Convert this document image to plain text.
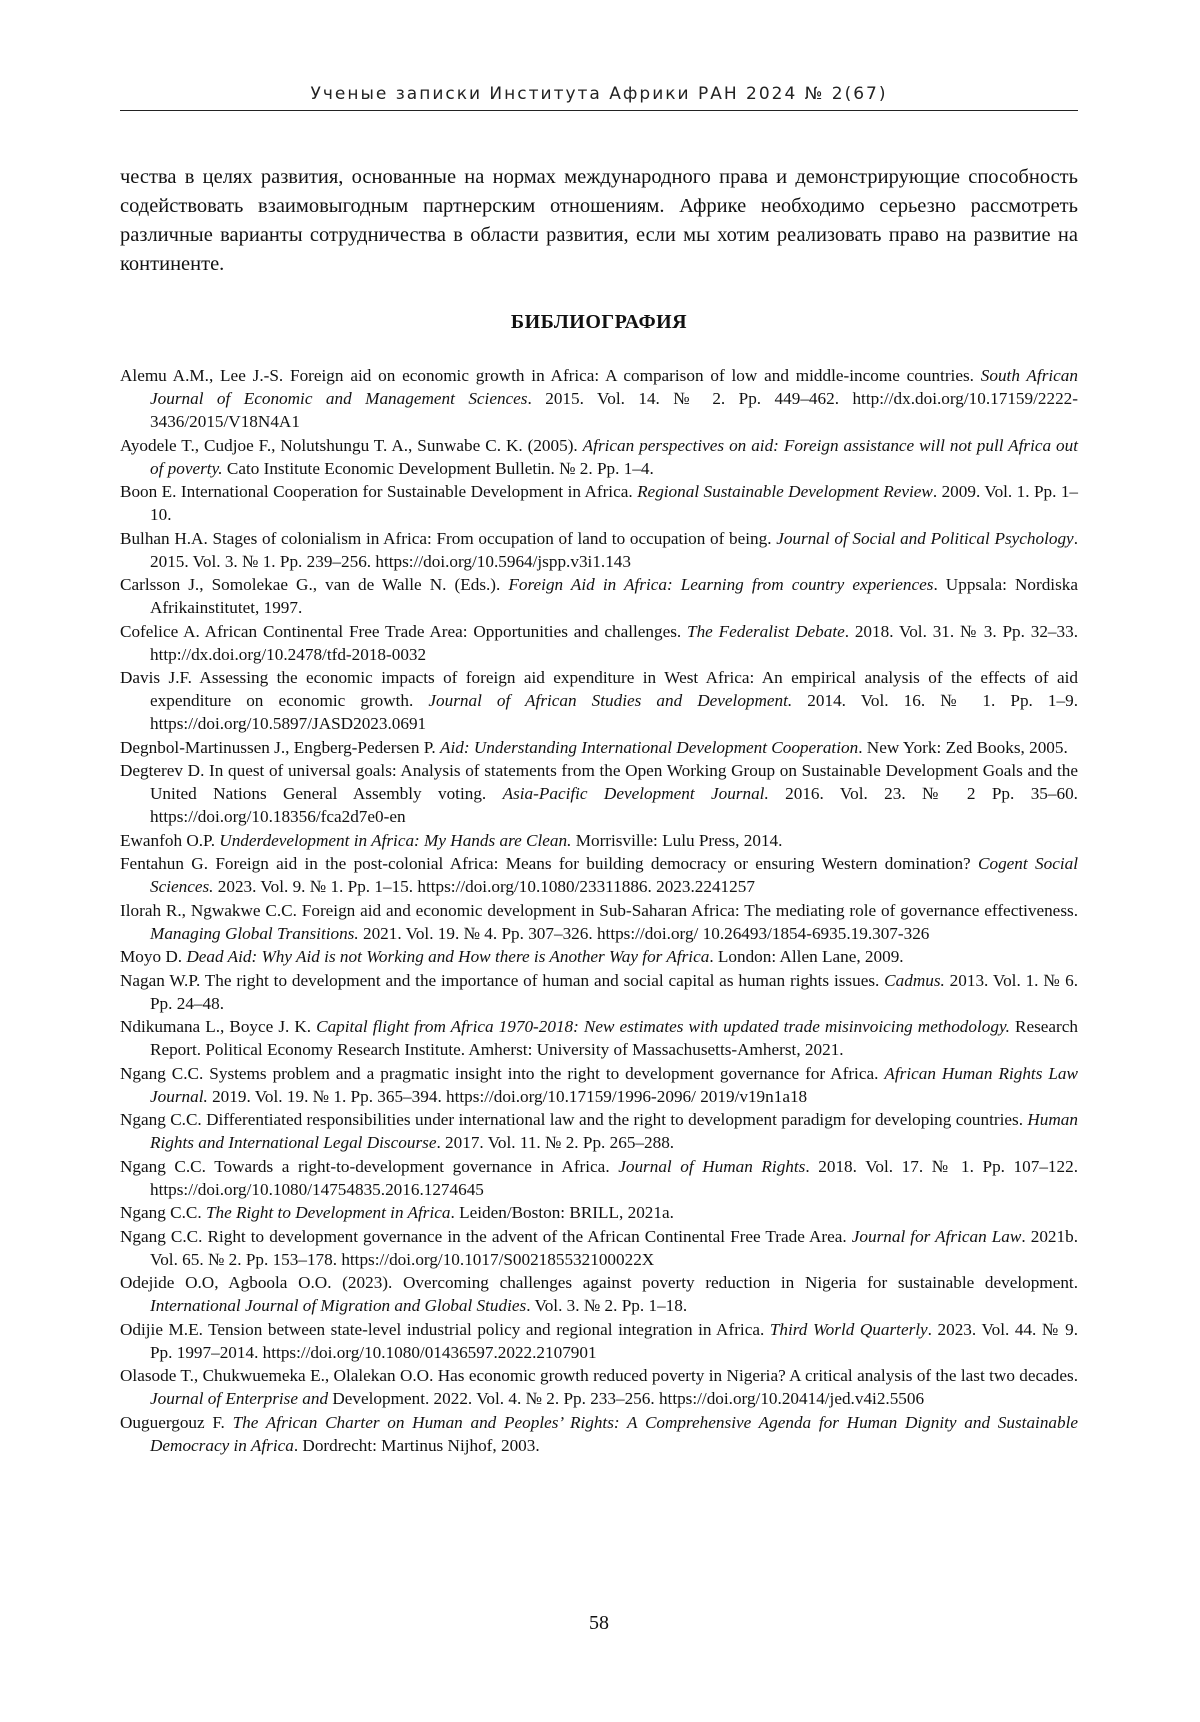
Ученые записки Института Африки РАН 2024 № 2(67)

чества в целях развития, основанные на нормах международного права и демонстрирующие способность содействовать взаимовыгодным партнерским отношениям. Африке необходимо серьезно рассмотреть различные варианты сотрудничества в области развития, если мы хотим реализовать право на развитие на континенте.

БИБЛИОГРАФИЯ
Alemu A.M., Lee J.-S. Foreign aid on economic growth in Africa: A comparison of low and middle-income countries. South African Journal of Economic and Management Sciences. 2015. Vol. 14. № 2. Pp. 449–462. http://dx.doi.org/10.17159/2222-3436/2015/V18N4A1
Ayodele T., Cudjoe F., Nolutshungu T. A., Sunwabe C. K. (2005). African perspectives on aid: Foreign assistance will not pull Africa out of poverty. Cato Institute Economic Development Bulletin. № 2. Pp. 1–4.
Boon E. International Cooperation for Sustainable Development in Africa. Regional Sustainable Development Review. 2009. Vol. 1. Pp. 1–10.
Bulhan H.A. Stages of colonialism in Africa: From occupation of land to occupation of being. Journal of Social and Political Psychology. 2015. Vol. 3. № 1. Pp. 239–256. https://doi.org/10.5964/jspp.v3i1.143
Carlsson J., Somolekae G., van de Walle N. (Eds.). Foreign Aid in Africa: Learning from country experiences. Uppsala: Nordiska Afrikainstitutet, 1997.
Cofelice A. African Continental Free Trade Area: Opportunities and challenges. The Federalist Debate. 2018. Vol. 31. № 3. Pp. 32–33. http://dx.doi.org/10.2478/tfd-2018-0032
Davis J.F. Assessing the economic impacts of foreign aid expenditure in West Africa: An empirical analysis of the effects of aid expenditure on economic growth. Journal of African Studies and Development. 2014. Vol. 16. № 1. Pp. 1–9. https://doi.org/10.5897/JASD2023.0691
Degnbol-Martinussen J., Engberg-Pedersen P. Aid: Understanding International Development Cooperation. New York: Zed Books, 2005.
Degterev D. In quest of universal goals: Analysis of statements from the Open Working Group on Sustainable Development Goals and the United Nations General Assembly voting. Asia-Pacific Development Journal. 2016. Vol. 23. № 2 Pp. 35–60. https://doi.org/10.18356/fca2d7e0-en
Ewanfoh O.P. Underdevelopment in Africa: My Hands are Clean. Morrisville: Lulu Press, 2014.
Fentahun G. Foreign aid in the post-colonial Africa: Means for building democracy or ensuring Western domination? Cogent Social Sciences. 2023. Vol. 9. № 1. Pp. 1–15. https://doi.org/10.1080/23311886. 2023.2241257
Ilorah R., Ngwakwe C.C. Foreign aid and economic development in Sub-Saharan Africa: The mediating role of governance effectiveness. Managing Global Transitions. 2021. Vol. 19. № 4. Pp. 307–326. https://doi.org/ 10.26493/1854-6935.19.307-326
Moyo D. Dead Aid: Why Aid is not Working and How there is Another Way for Africa. London: Allen Lane, 2009.
Nagan W.P. The right to development and the importance of human and social capital as human rights issues. Cadmus. 2013. Vol. 1. № 6. Pp. 24–48.
Ndikumana L., Boyce J. K. Capital flight from Africa 1970-2018: New estimates with updated trade misinvoicing methodology. Research Report. Political Economy Research Institute. Amherst: University of Massachusetts-Amherst, 2021.
Ngang C.C. Systems problem and a pragmatic insight into the right to development governance for Africa. African Human Rights Law Journal. 2019. Vol. 19. № 1. Pp. 365–394. https://doi.org/10.17159/1996-2096/ 2019/v19n1a18
Ngang C.C. Differentiated responsibilities under international law and the right to development paradigm for developing countries. Human Rights and International Legal Discourse. 2017. Vol. 11. № 2. Pp. 265–288.
Ngang C.C. Towards a right-to-development governance in Africa. Journal of Human Rights. 2018. Vol. 17. № 1. Pp. 107–122. https://doi.org/10.1080/14754835.2016.1274645
Ngang C.C. The Right to Development in Africa. Leiden/Boston: BRILL, 2021a.
Ngang C.C. Right to development governance in the advent of the African Continental Free Trade Area. Journal for African Law. 2021b. Vol. 65. № 2. Pp. 153–178. https://doi.org/10.1017/S002185532100022X
Odejide O.O, Agboola O.O. (2023). Overcoming challenges against poverty reduction in Nigeria for sustainable development. International Journal of Migration and Global Studies. Vol. 3. № 2. Pp. 1–18.
Odijie M.E. Tension between state-level industrial policy and regional integration in Africa. Third World Quarterly. 2023. Vol. 44. № 9. Pp. 1997–2014. https://doi.org/10.1080/01436597.2022.2107901
Olasode T., Chukwuemeka E., Olalekan O.O. Has economic growth reduced poverty in Nigeria? A critical analysis of the last two decades. Journal of Enterprise and Development. 2022. Vol. 4. № 2. Pp. 233–256. https://doi.org/10.20414/jed.v4i2.5506
Ouguergouz F. The African Charter on Human and Peoples’ Rights: A Comprehensive Agenda for Human Dignity and Sustainable Democracy in Africa. Dordrecht: Martinus Nijhof, 2003.
58
